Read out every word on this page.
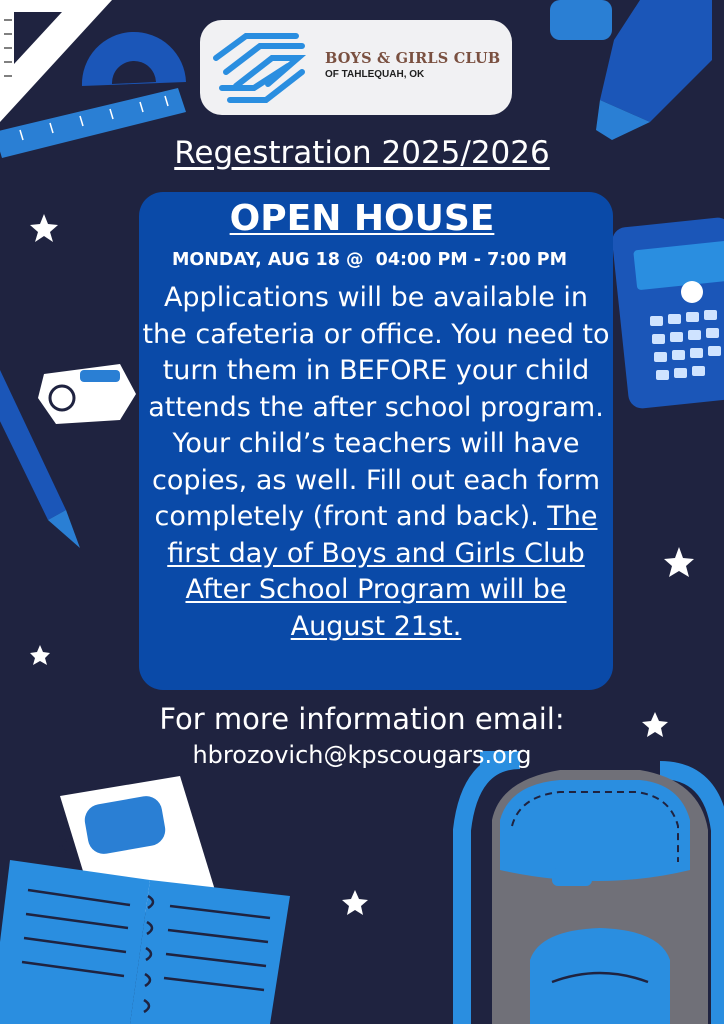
BOYS & GIRLS CLUB
OF TAHLEQUAH, OK
Regestration 2025/2026
OPEN HOUSE
MONDAY, AUG 18 @  04:00 PM - 7:00 PM
Applications will be available in the cafeteria or office. You need to turn them in BEFORE your child attends the after school program. Your child’s teachers will have copies, as well. Fill out each form completely (front and back). The first day of Boys and Girls Club After School Program will be August 21st.
For more information email:
hbrozovich@kpscougars.org
